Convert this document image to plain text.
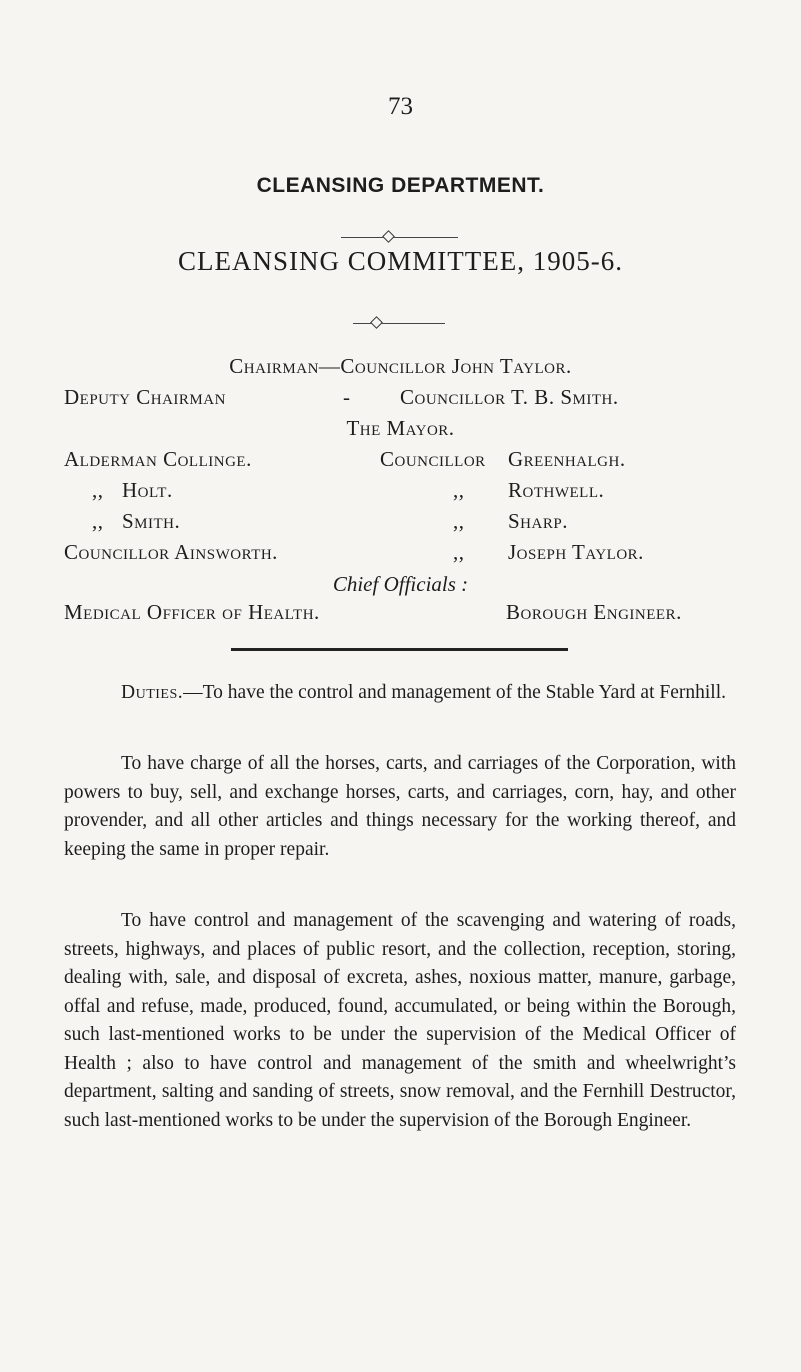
73
CLEANSING DEPARTMENT.
CLEANSING COMMITTEE, 1905-6.
Chairman—Councillor John Taylor.
Deputy Chairman	- Councillor T. B. Smith.
The Mayor.
Alderman Collinge.
,, Holt.
,, Smith.
Councillor Ainsworth.
Councillor Greenhalgh.
,, Rothwell.
,, Sharp.
,, Joseph Taylor.
Chief Officials :
Medical Officer of Health.	Borough Engineer.

Duties.—To have the control and management of the Stable Yard at Fernhill.

To have charge of all the horses, carts, and carriages of the Corporation, with powers to buy, sell, and exchange horses, carts, and carriages, corn, hay, and other provender, and all other articles and things necessary for the working thereof, and keeping the same in proper repair.

To have control and management of the scavenging and watering of roads, streets, highways, and places of public resort, and the collection, reception, storing, dealing with, sale, and disposal of excreta, ashes, noxious matter, manure, garbage, offal and refuse, made, produced, found, accumulated, or being within the Borough, such last-mentioned works to be under the supervision of the Medical Officer of Health ; also to have control and management of the smith and wheelwright’s department, salting and sanding of streets, snow removal, and the Fernhill Destructor, such last-mentioned works to be under the supervision of the Borough Engineer.
